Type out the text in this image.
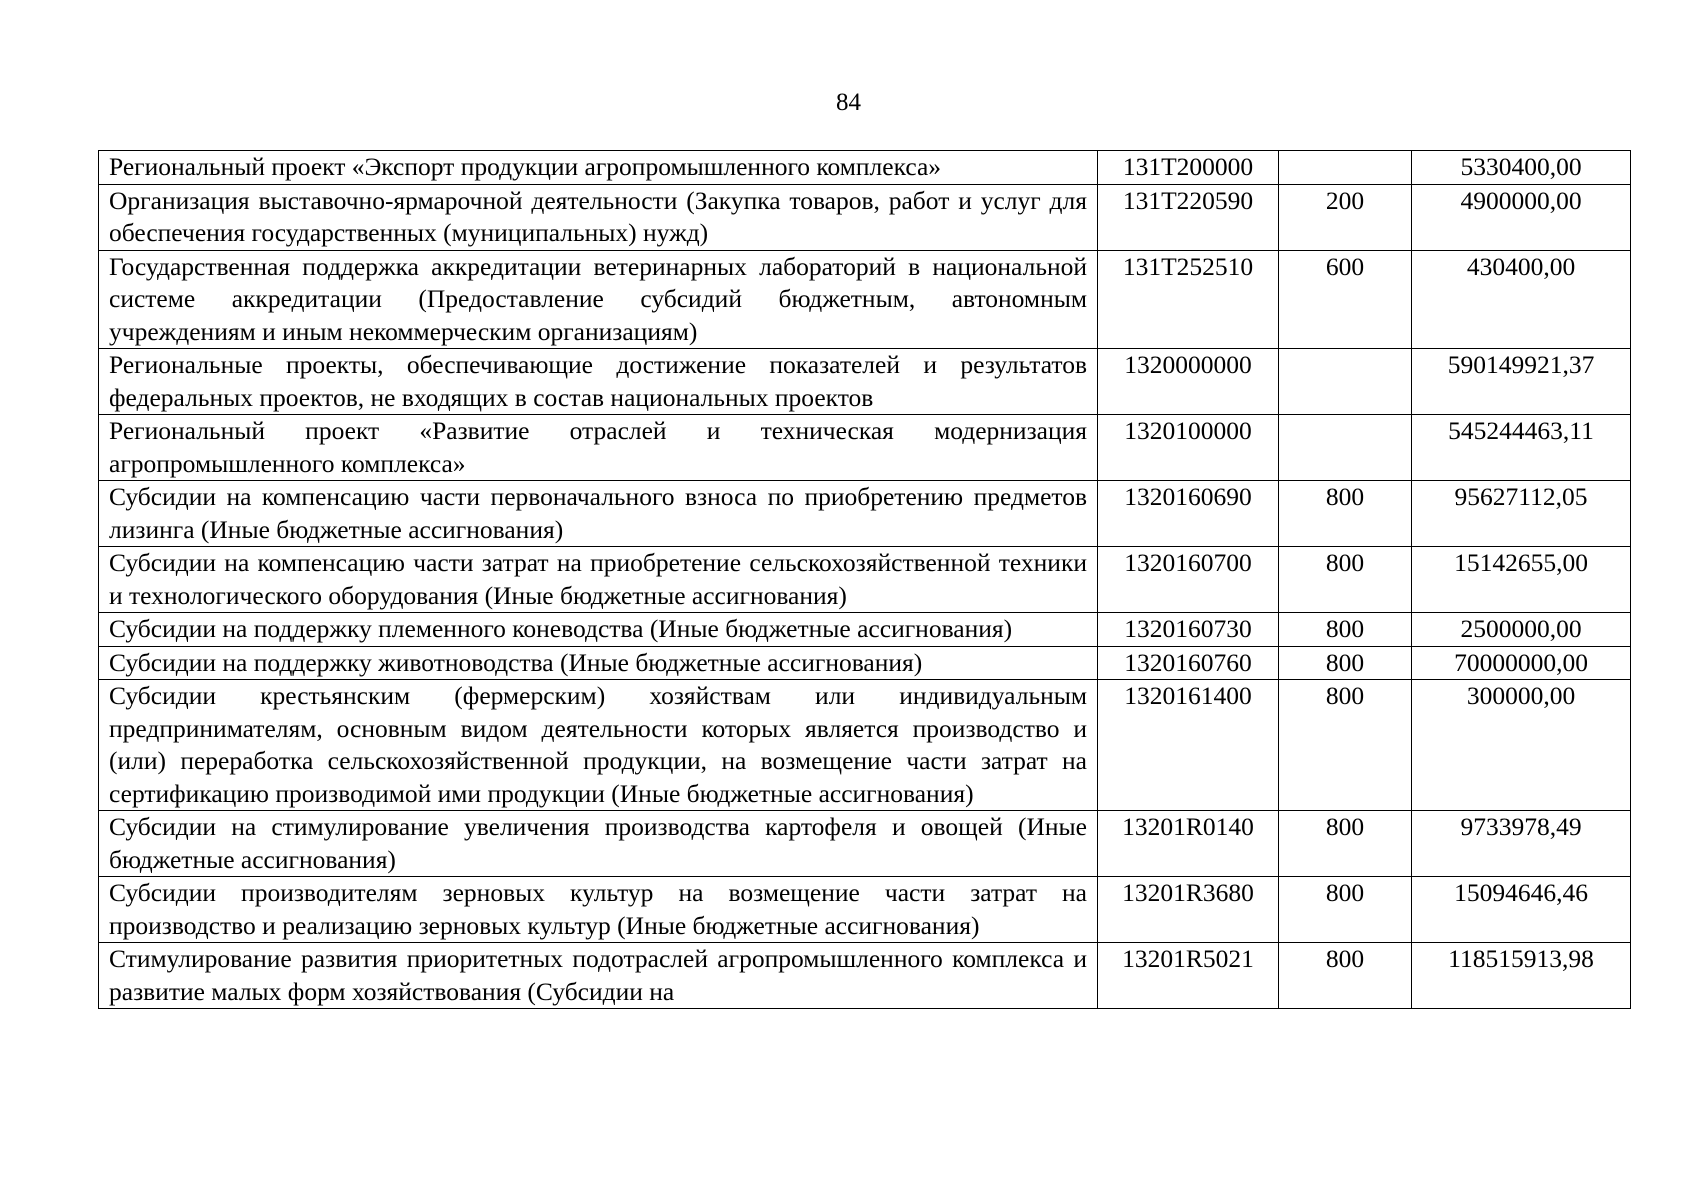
84
Региональный проект «Экспорт продукции агропромышленного комплекса»	131T200000		5330400,00
Организация выставочно-ярмарочной деятельности (Закупка товаров, работ и услуг для обеспечения государственных (муниципальных) нужд)	131T220590	200	4900000,00
Государственная поддержка аккредитации ветеринарных лабораторий в национальной системе аккредитации (Предоставление субсидий бюджетным, автономным учреждениям и иным некоммерческим организациям)	131T252510	600	430400,00
Региональные проекты, обеспечивающие достижение показателей и результатов федеральных проектов, не входящих в состав национальных проектов	1320000000		590149921,37
Региональный проект «Развитие отраслей и техническая модернизация агропромышленного комплекса»	1320100000		545244463,11
Субсидии на компенсацию части первоначального взноса по приобретению предметов лизинга (Иные бюджетные ассигнования)	1320160690	800	95627112,05
Субсидии на компенсацию части затрат на приобретение сельскохозяйственной техники и технологического оборудования (Иные бюджетные ассигнования)	1320160700	800	15142655,00
Субсидии на поддержку племенного коневодства (Иные бюджетные ассигнования)	1320160730	800	2500000,00
Субсидии на поддержку животноводства (Иные бюджетные ассигнования)	1320160760	800	70000000,00
Субсидии крестьянским (фермерским) хозяйствам или индивидуальным предпринимателям, основным видом деятельности которых является производство и (или) переработка сельскохозяйственной продукции, на возмещение части затрат на сертификацию производимой ими продукции (Иные бюджетные ассигнования)	1320161400	800	300000,00
Субсидии на стимулирование увеличения производства картофеля и овощей (Иные бюджетные ассигнования)	13201R0140	800	9733978,49
Субсидии производителям зерновых культур на возмещение части затрат на производство и реализацию зерновых культур (Иные бюджетные ассигнования)	13201R3680	800	15094646,46
Стимулирование развития приоритетных подотраслей агропромышленного комплекса и развитие малых форм хозяйствования (Субсидии на	13201R5021	800	118515913,98
